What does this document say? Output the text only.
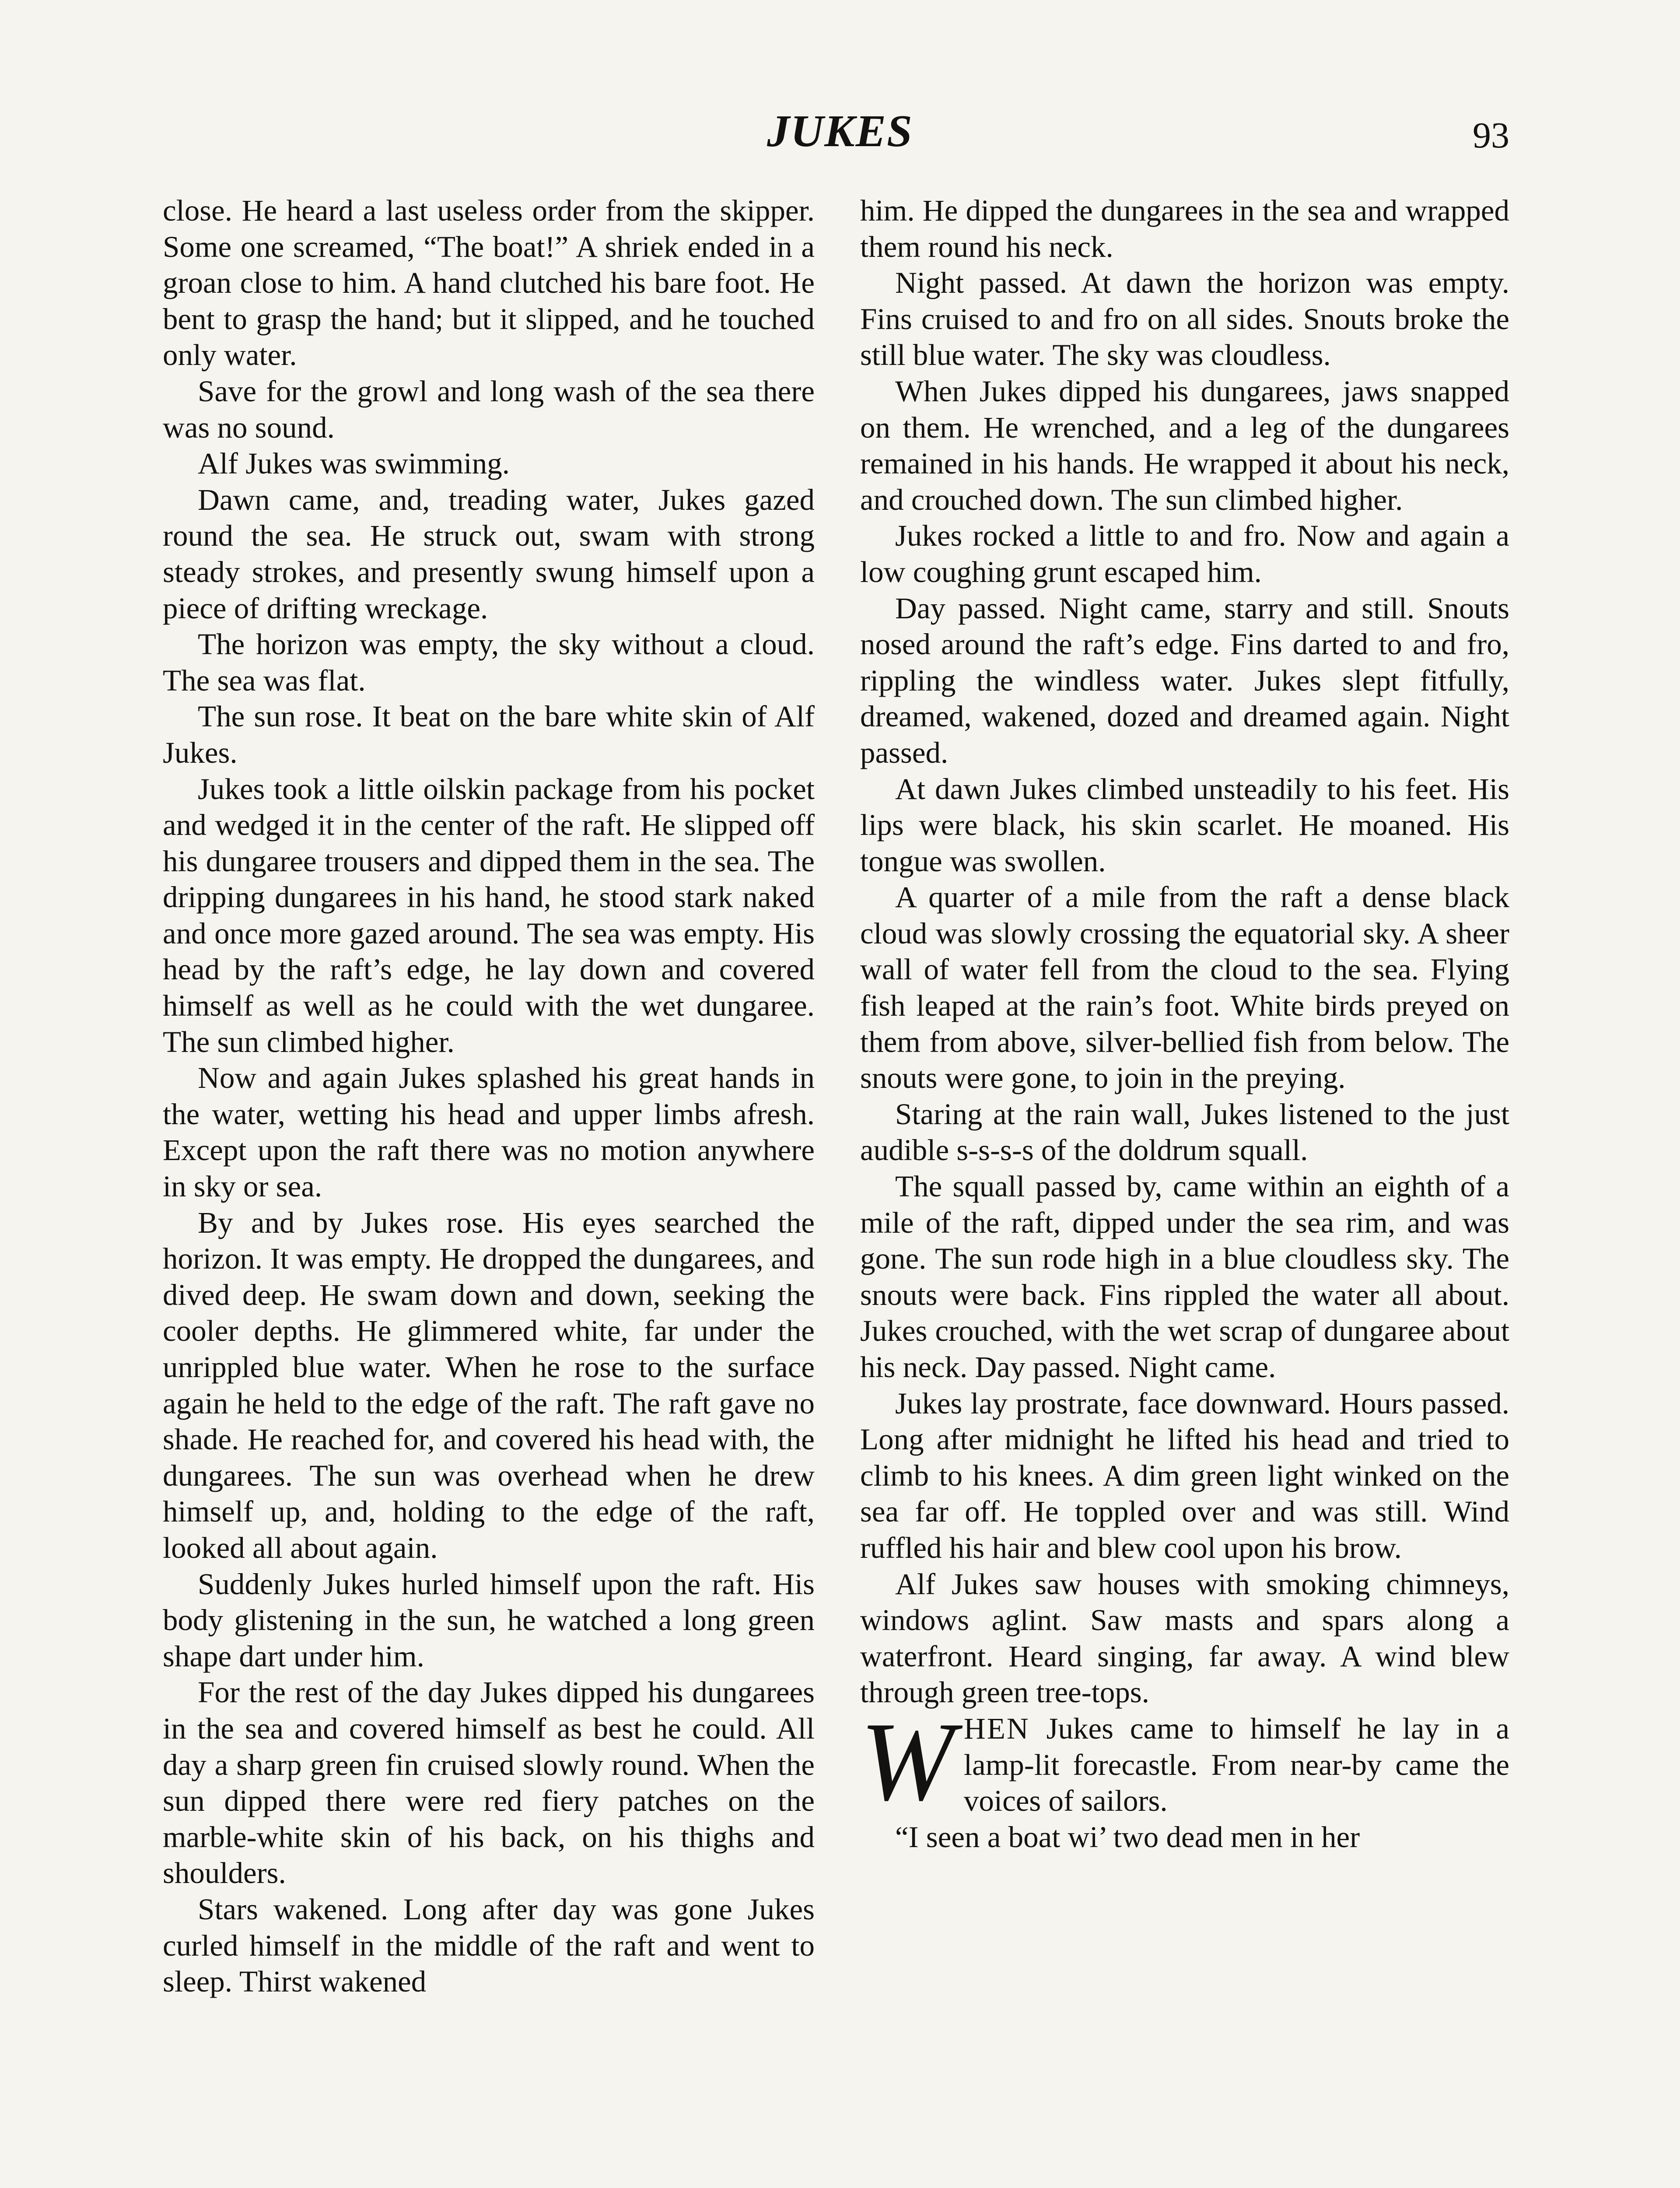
JUKES	93

close. He heard a last useless order from the skipper. Some one screamed, “The boat!” A shriek ended in a groan close to him. A hand clutched his bare foot. He bent to grasp the hand; but it slipped, and he touched only water.

Save for the growl and long wash of the sea there was no sound.

Alf Jukes was swimming.

Dawn came, and, treading water, Jukes gazed round the sea. He struck out, swam with strong steady strokes, and presently swung himself upon a piece of drifting wreckage.

The horizon was empty, the sky without a cloud. The sea was flat.

The sun rose. It beat on the bare white skin of Alf Jukes.

Jukes took a little oilskin package from his pocket and wedged it in the center of the raft. He slipped off his dungaree trousers and dipped them in the sea. The dripping dungarees in his hand, he stood stark naked and once more gazed around. The sea was empty. His head by the raft’s edge, he lay down and covered himself as well as he could with the wet dungaree. The sun climbed higher.

Now and again Jukes splashed his great hands in the water, wetting his head and upper limbs afresh. Except upon the raft there was no motion anywhere in sky or sea.

By and by Jukes rose. His eyes searched the horizon. It was empty. He dropped the dungarees, and dived deep. He swam down and down, seeking the cooler depths. He glimmered white, far under the unrippled blue water. When he rose to the surface again he held to the edge of the raft. The raft gave no shade. He reached for, and covered his head with, the dungarees. The sun was overhead when he drew himself up, and, holding to the edge of the raft, looked all about again.

Suddenly Jukes hurled himself upon the raft. His body glistening in the sun, he watched a long green shape dart under him.

For the rest of the day Jukes dipped his dungarees in the sea and covered himself as best he could. All day a sharp green fin cruised slowly round. When the sun dipped there were red fiery patches on the marble-white skin of his back, on his thighs and shoulders.

Stars wakened. Long after day was gone Jukes curled himself in the middle of the raft and went to sleep. Thirst wakened

him. He dipped the dungarees in the sea and wrapped them round his neck.

Night passed. At dawn the horizon was empty. Fins cruised to and fro on all sides. Snouts broke the still blue water. The sky was cloudless.

When Jukes dipped his dungarees, jaws snapped on them. He wrenched, and a leg of the dungarees remained in his hands. He wrapped it about his neck, and crouched down. The sun climbed higher.

Jukes rocked a little to and fro. Now and again a low coughing grunt escaped him.

Day passed. Night came, starry and still. Snouts nosed around the raft’s edge. Fins darted to and fro, rippling the windless water. Jukes slept fitfully, dreamed, wakened, dozed and dreamed again. Night passed.

At dawn Jukes climbed unsteadily to his feet. His lips were black, his skin scarlet. He moaned. His tongue was swollen.

A quarter of a mile from the raft a dense black cloud was slowly crossing the equatorial sky. A sheer wall of water fell from the cloud to the sea. Flying fish leaped at the rain’s foot. White birds preyed on them from above, silver-bellied fish from below. The snouts were gone, to join in the preying.

Staring at the rain wall, Jukes listened to the just audible s-s-s-s of the doldrum squall.

The squall passed by, came within an eighth of a mile of the raft, dipped under the sea rim, and was gone. The sun rode high in a blue cloudless sky. The snouts were back. Fins rippled the water all about. Jukes crouched, with the wet scrap of dungaree about his neck. Day passed. Night came.

Jukes lay prostrate, face downward. Hours passed. Long after midnight he lifted his head and tried to climb to his knees. A dim green light winked on the sea far off. He toppled over and was still. Wind ruffled his hair and blew cool upon his brow.

Alf Jukes saw houses with smoking chimneys, windows aglint. Saw masts and spars along a waterfront. Heard singing, far away. A wind blew through green tree-tops.

WHEN Jukes came to himself he lay in a lamp-lit forecastle. From near-by came the voices of sailors.

“I seen a boat wi’ two dead men in her
